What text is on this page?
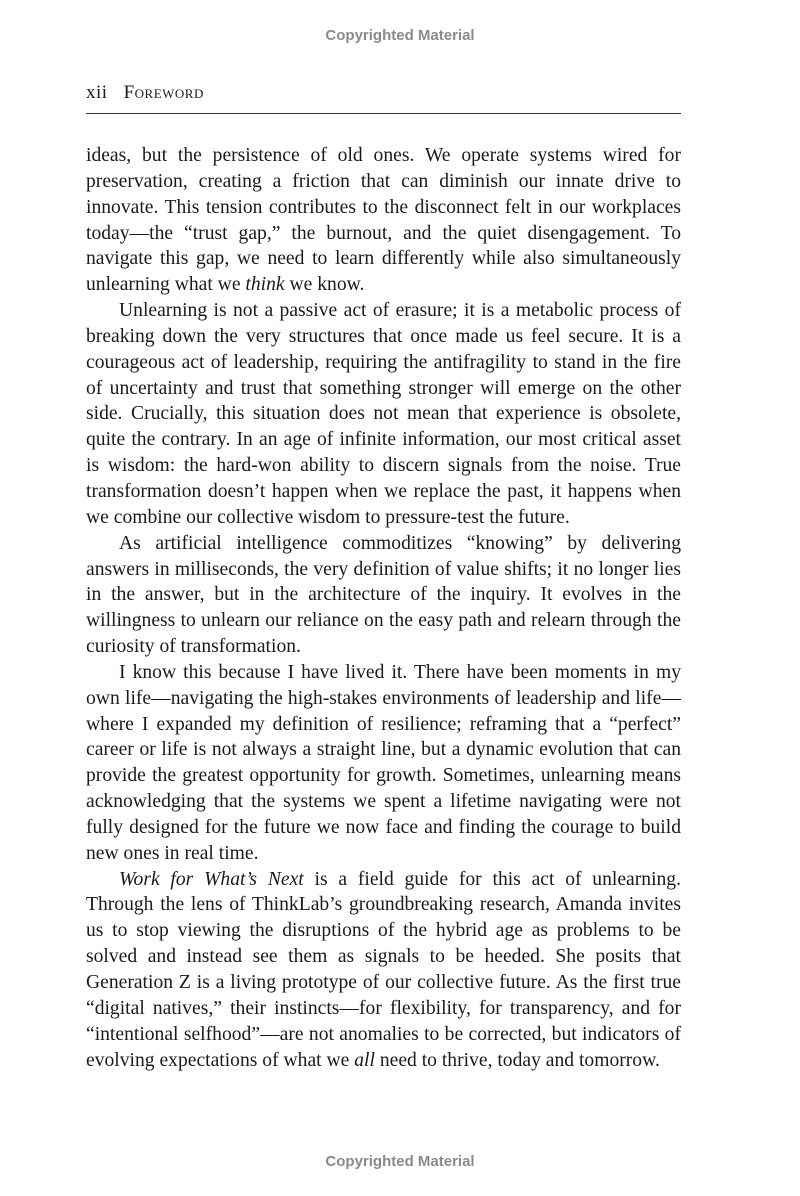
Copyrighted Material
xii Foreword

ideas, but the persistence of old ones. We operate systems wired for preservation, creating a friction that can diminish our innate drive to innovate. This tension contributes to the disconnect felt in our workplaces today—the “trust gap,” the burnout, and the quiet disengagement. To navigate this gap, we need to learn differently while also simultaneously unlearning what we think we know.

Unlearning is not a passive act of erasure; it is a metabolic process of breaking down the very structures that once made us feel secure. It is a courageous act of leadership, requiring the antifragility to stand in the fire of uncertainty and trust that something stronger will emerge on the other side. Crucially, this situation does not mean that experience is obsolete, quite the contrary. In an age of infinite information, our most critical asset is wisdom: the hard-won ability to discern signals from the noise. True transformation doesn’t happen when we replace the past, it happens when we combine our collective wisdom to pressure-test the future.

As artificial intelligence commoditizes “knowing” by delivering answers in milliseconds, the very definition of value shifts; it no longer lies in the answer, but in the architecture of the inquiry. It evolves in the willingness to unlearn our reliance on the easy path and relearn through the curiosity of transformation.

I know this because I have lived it. There have been moments in my own life—navigating the high-stakes environments of leadership and life—where I expanded my definition of resilience; reframing that a “perfect” career or life is not always a straight line, but a dynamic evolution that can provide the greatest opportunity for growth. Sometimes, unlearning means acknowledging that the systems we spent a lifetime navigating were not fully designed for the future we now face and finding the courage to build new ones in real time.

Work for What’s Next is a field guide for this act of unlearning. Through the lens of ThinkLab’s groundbreaking research, Amanda invites us to stop viewing the disruptions of the hybrid age as problems to be solved and instead see them as signals to be heeded. She posits that Generation Z is a living prototype of our collective future. As the first true “digital natives,” their instincts—for flexibility, for transparency, and for “intentional selfhood”—are not anomalies to be corrected, but indicators of evolving expectations of what we all need to thrive, today and tomorrow.

Copyrighted Material
